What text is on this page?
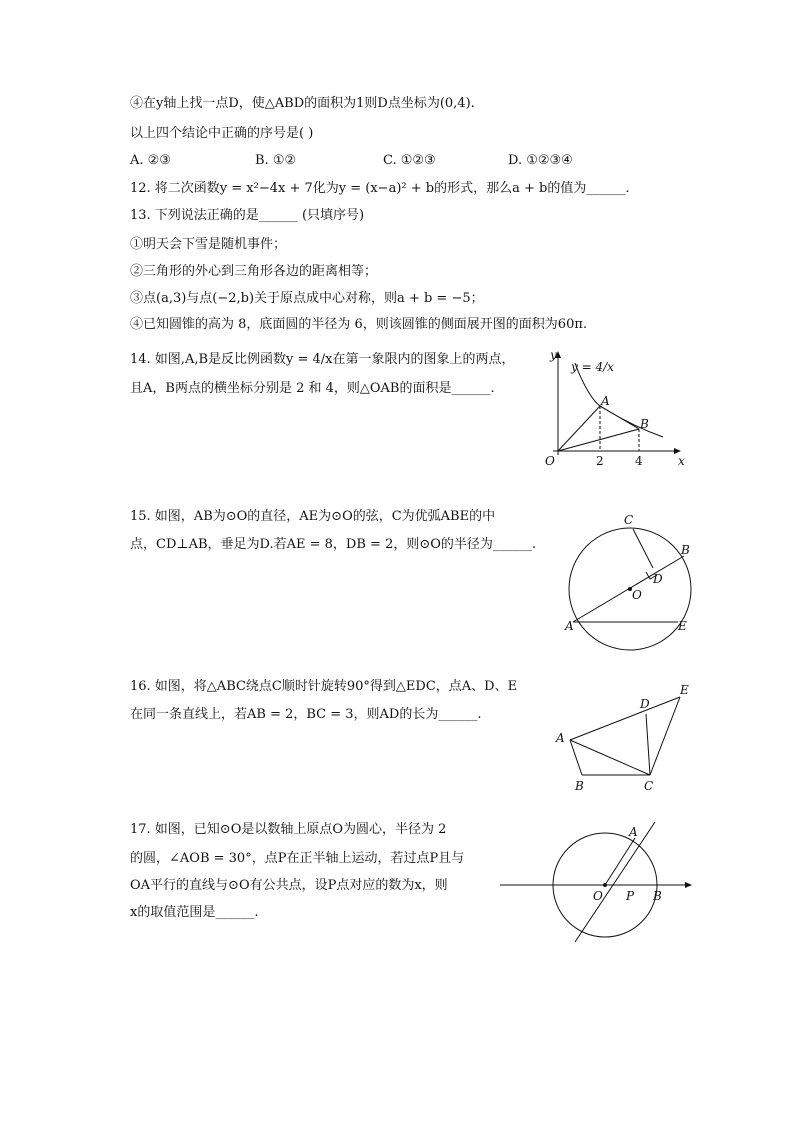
④在y轴上找一点D，使△ABD的面积为1则D点坐标为(0,4).
以上四个结论中正确的序号是( )
A. ②③	B. ①②	C. ①②③	D. ①②③④
12. 将二次函数y = x²−4x + 7化为y = (x−a)² + b的形式，那么a + b的值为______.
13. 下列说法正确的是______ (只填序号)
①明天会下雪是随机事件；
②三角形的外心到三角形各边的距离相等；
③点(a,3)与点(−2,b)关于原点成中心对称，则a + b = −5；
④已知圆锥的高为 8，底面圆的半径为 6，则该圆锥的侧面展开图的面积为60π.
14. 如图,A,B是反比例函数y = 4/x在第一象限内的图象上的两点，
且A，B两点的横坐标分别是 2 和 4，则△OAB的面积是______.
y
y = 4/x
A
B
O	2	4	x
15. 如图，AB为⊙O的直径，AE为⊙O的弦，C为优弧ABE的中
点，CD⊥AB，垂足为D.若AE = 8，DB = 2，则⊙O的半径为______.
C
B
D
O
A	E
16. 如图，将△ABC绕点C顺时针旋转90°得到△EDC，点A、D、E
在同一条直线上，若AB = 2，BC = 3，则AD的长为______.
E
D
A
B	C
17. 如图，已知⊙O是以数轴上原点O为圆心，半径为 2
的圆，∠AOB = 30°，点P在正半轴上运动，若过点P且与
OA平行的直线与⊙O有公共点，设P点对应的数为x，则
x的取值范围是______.
A
O P B
